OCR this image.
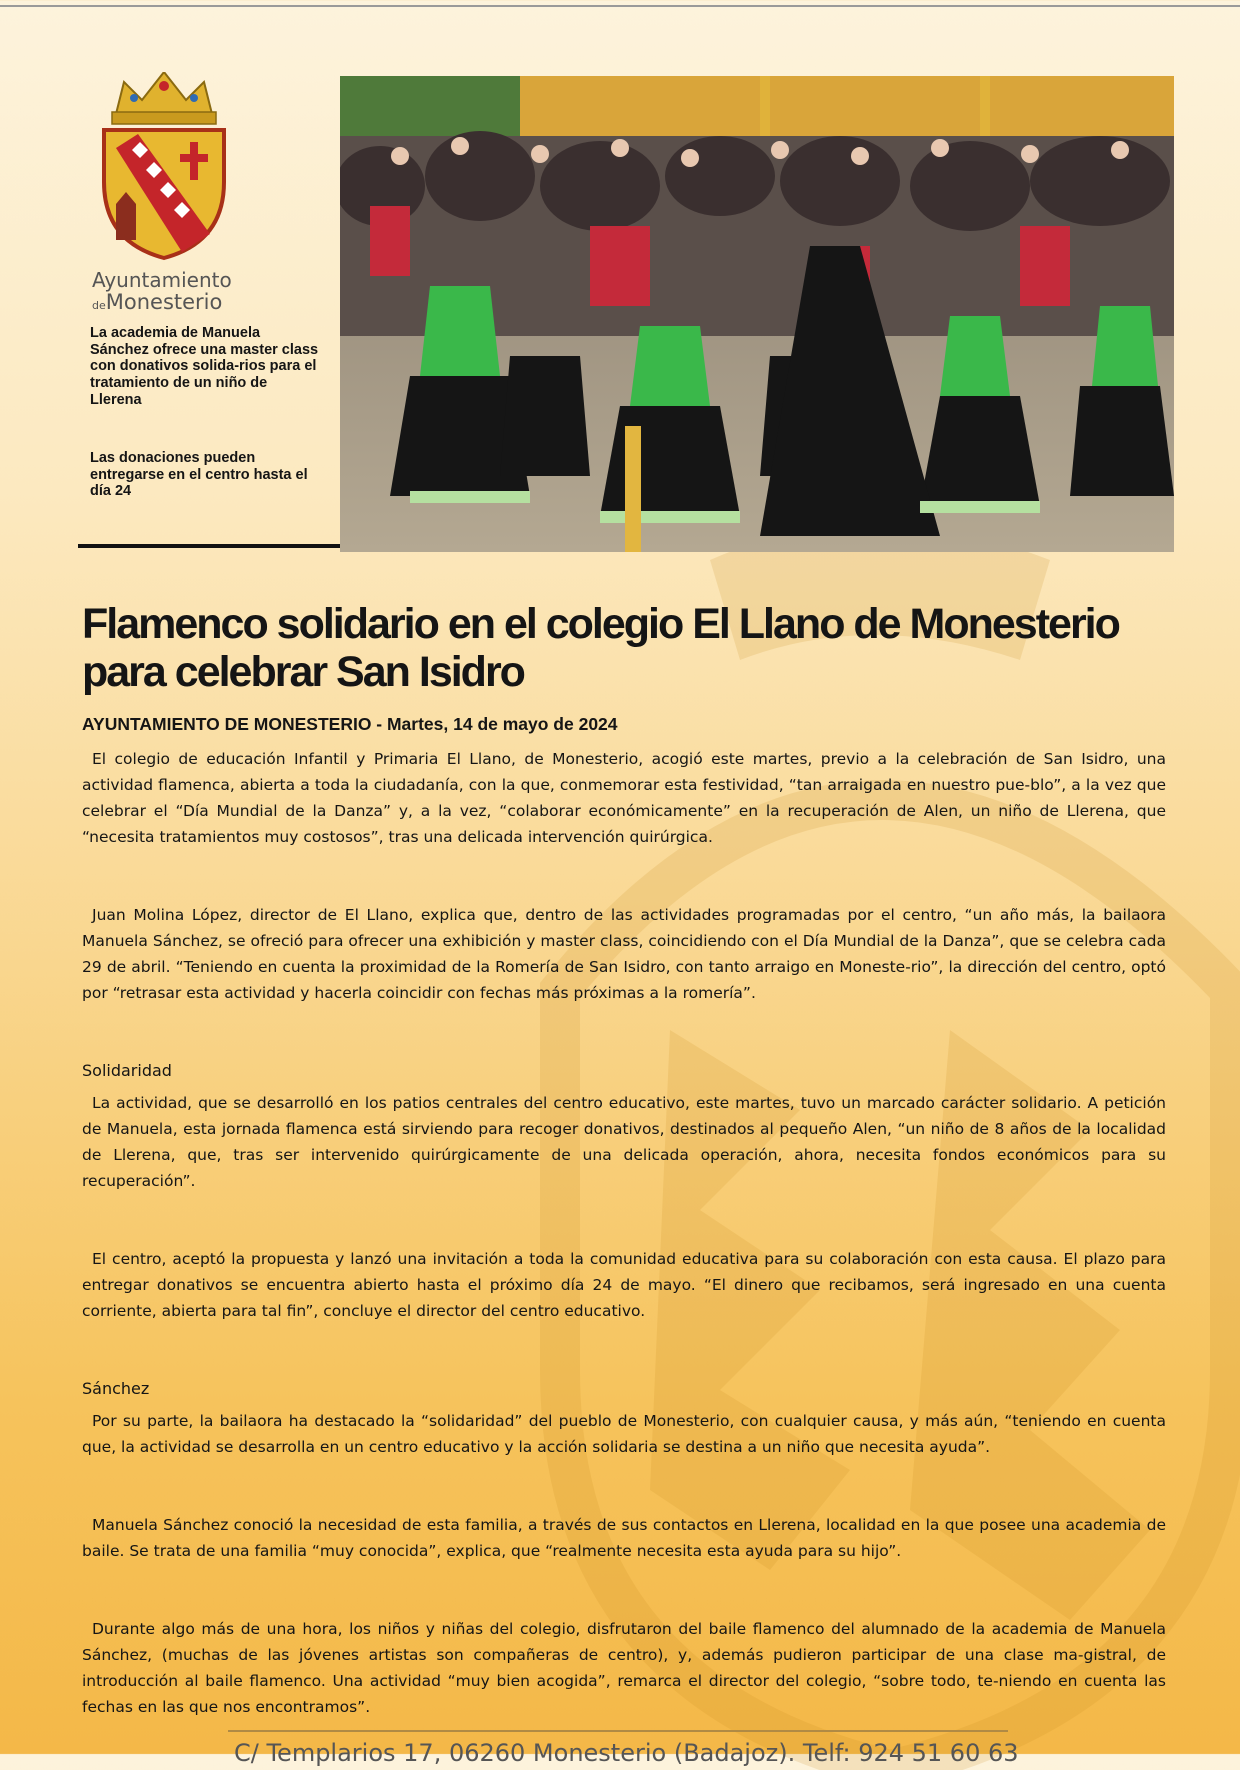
Ayuntamiento
deMonesterio

La academia de Manuela Sánchez ofrece una master class con donativos solida-rios para el tratamiento de un niño de Llerena

Las donaciones pueden entregarse en el centro hasta el día 24

Flamenco solidario en el colegio El Llano de Monesterio para celebrar San Isidro

AYUNTAMIENTO DE MONESTERIO - Martes, 14 de mayo de 2024

El colegio de educación Infantil y Primaria El Llano, de Monesterio, acogió este martes, previo a la celebración de San Isidro, una actividad flamenca, abierta a toda la ciudadanía, con la que, conmemorar esta festividad, “tan arraigada en nuestro pue-blo”, a la vez que celebrar el “Día Mundial de la Danza” y, a la vez, “colaborar económicamente” en la recuperación de Alen, un niño de Llerena, que “necesita tratamientos muy costosos”, tras una delicada intervención quirúrgica.

Juan Molina López, director de El Llano, explica que, dentro de las actividades programadas por el centro, “un año más, la bailaora Manuela Sánchez, se ofreció para ofrecer una exhibición y master class, coincidiendo con el Día Mundial de la Danza”, que se celebra cada 29 de abril. “Teniendo en cuenta la proximidad de la Romería de San Isidro, con tanto arraigo en Moneste-rio”, la dirección del centro, optó por “retrasar esta actividad y hacerla coincidir con fechas más próximas a la romería”.

Solidaridad

La actividad, que se desarrolló en los patios centrales del centro educativo, este martes, tuvo un marcado carácter solidario. A petición de Manuela, esta jornada flamenca está sirviendo para recoger donativos, destinados al pequeño Alen, “un niño de 8 años de la localidad de Llerena, que, tras ser intervenido quirúrgicamente de una delicada operación, ahora, necesita fondos económicos para su recuperación”.

El centro, aceptó la propuesta y lanzó una invitación a toda la comunidad educativa para su colaboración con esta causa. El plazo para entregar donativos se encuentra abierto hasta el próximo día 24 de mayo. “El dinero que recibamos, será ingresado en una cuenta corriente, abierta para tal fin”, concluye el director del centro educativo.

Sánchez

Por su parte, la bailaora ha destacado la “solidaridad” del pueblo de Monesterio, con cualquier causa, y más aún, “teniendo en cuenta que, la actividad se desarrolla en un centro educativo y la acción solidaria se destina a un niño que necesita ayuda”.

Manuela Sánchez conoció la necesidad de esta familia, a través de sus contactos en Llerena, localidad en la que posee una academia de baile. Se trata de una familia “muy conocida”, explica, que “realmente necesita esta ayuda para su hijo”.

Durante algo más de una hora, los niños y niñas del colegio, disfrutaron del baile flamenco del alumnado de la academia de Manuela Sánchez, (muchas de las jóvenes artistas son compañeras de centro), y, además pudieron participar de una clase ma-gistral, de introducción al baile flamenco. Una actividad “muy bien acogida”, remarca el director del colegio, “sobre todo, te-niendo en cuenta las fechas en las que nos encontramos”.

C/ Templarios 17, 06260 Monesterio (Badajoz). Telf: 924 51 60 63
